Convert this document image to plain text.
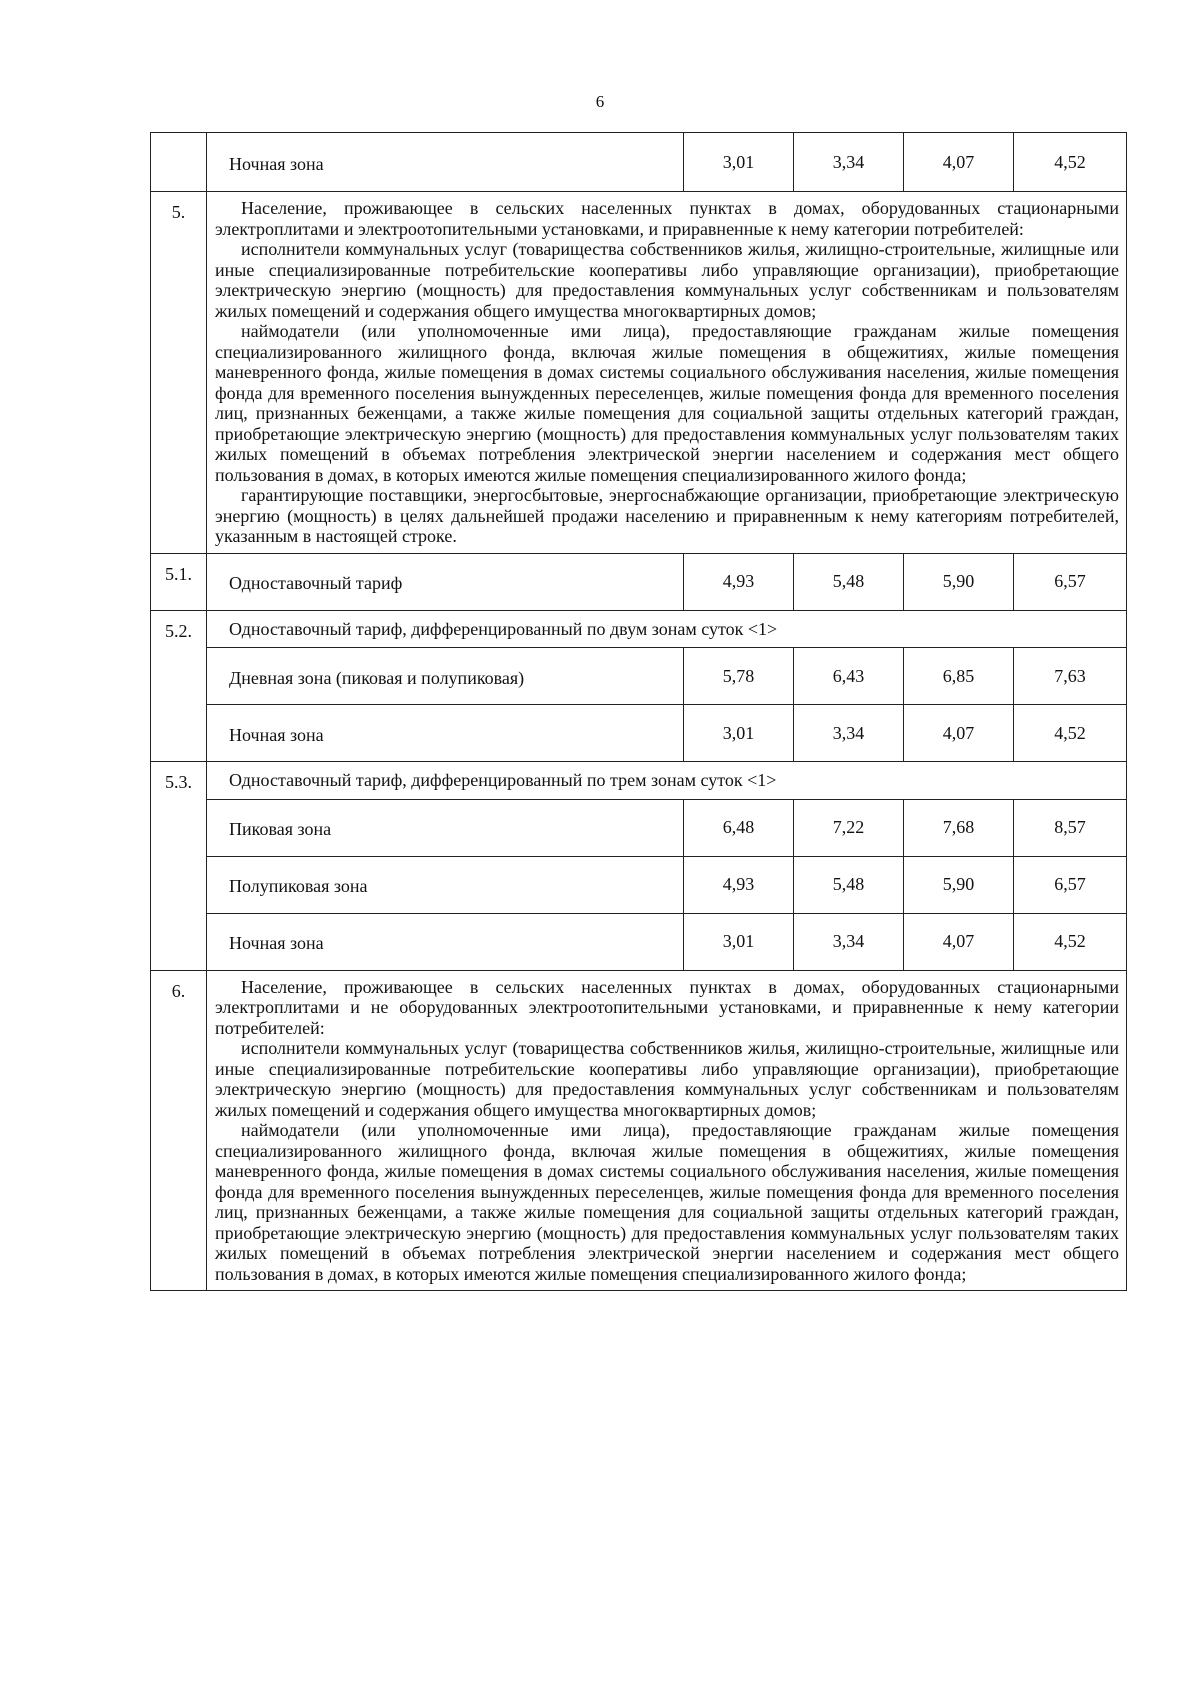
6
	Ночная зона	3,01	3,34	4,07	4,52
5.	Население, проживающее в сельских населенных пунктах в домах, оборудованных стационарными электроплитами и электроотопительными установками, и приравненные к нему категории потребителей:

исполнители коммунальных услуг (товарищества собственников жилья, жилищно-строительные, жилищные или иные специализированные потребительские кооперативы либо управляющие организации), приобретающие электрическую энергию (мощность) для предоставления коммунальных услуг собственникам и пользователям жилых помещений и содержания общего имущества многоквартирных домов;

наймодатели (или уполномоченные ими лица), предоставляющие гражданам жилые помещения специализированного жилищного фонда, включая жилые помещения в общежитиях, жилые помещения маневренного фонда, жилые помещения в домах системы социального обслуживания населения, жилые помещения фонда для временного поселения вынужденных переселенцев, жилые помещения фонда для временного поселения лиц, признанных беженцами, а также жилые помещения для социальной защиты отдельных категорий граждан, приобретающие электрическую энергию (мощность) для предоставления коммунальных услуг пользователям таких жилых помещений в объемах потребления электрической энергии населением и содержания мест общего пользования в домах, в которых имеются жилые помещения специализированного жилого фонда;

гарантирующие поставщики, энергосбытовые, энергоснабжающие организации, приобретающие электрическую энергию (мощность) в целях дальнейшей продажи населению и приравненным к нему категориям потребителей, указанным в настоящей строке.				

5.1.	Одноставочный тариф	4,93	5,48	5,90	6,57
5.2.	Одноставочный тариф, дифференцированный по двум зонам суток <1>				
	Дневная зона (пиковая и полупиковая)	5,78	6,43	6,85	7,63
	Ночная зона	3,01	3,34	4,07	4,52
5.3.	Одноставочный тариф, дифференцированный по трем зонам суток <1>				
	Пиковая зона	6,48	7,22	7,68	8,57
	Полупиковая зона	4,93	5,48	5,90	6,57
	Ночная зона	3,01	3,34	4,07	4,52
6.	Население, проживающее в сельских населенных пунктах в домах, оборудованных стационарными электроплитами и не оборудованных электроотопительными установками, и приравненные к нему категории потребителей:

исполнители коммунальных услуг (товарищества собственников жилья, жилищно-строительные, жилищные или иные специализированные потребительские кооперативы либо управляющие организации), приобретающие электрическую энергию (мощность) для предоставления коммунальных услуг собственникам и пользователям жилых помещений и содержания общего имущества многоквартирных домов;

наймодатели (или уполномоченные ими лица), предоставляющие гражданам жилые помещения специализированного жилищного фонда, включая жилые помещения в общежитиях, жилые помещения маневренного фонда, жилые помещения в домах системы социального обслуживания населения, жилые помещения фонда для временного поселения вынужденных переселенцев, жилые помещения фонда для временного поселения лиц, признанных беженцами, а также жилые помещения для социальной защиты отдельных категорий граждан, приобретающие электрическую энергию (мощность) для предоставления коммунальных услуг пользователям таких жилых помещений в объемах потребления электрической энергии населением и содержания мест общего пользования в домах, в которых имеются жилые помещения специализированного жилого фонда;				
